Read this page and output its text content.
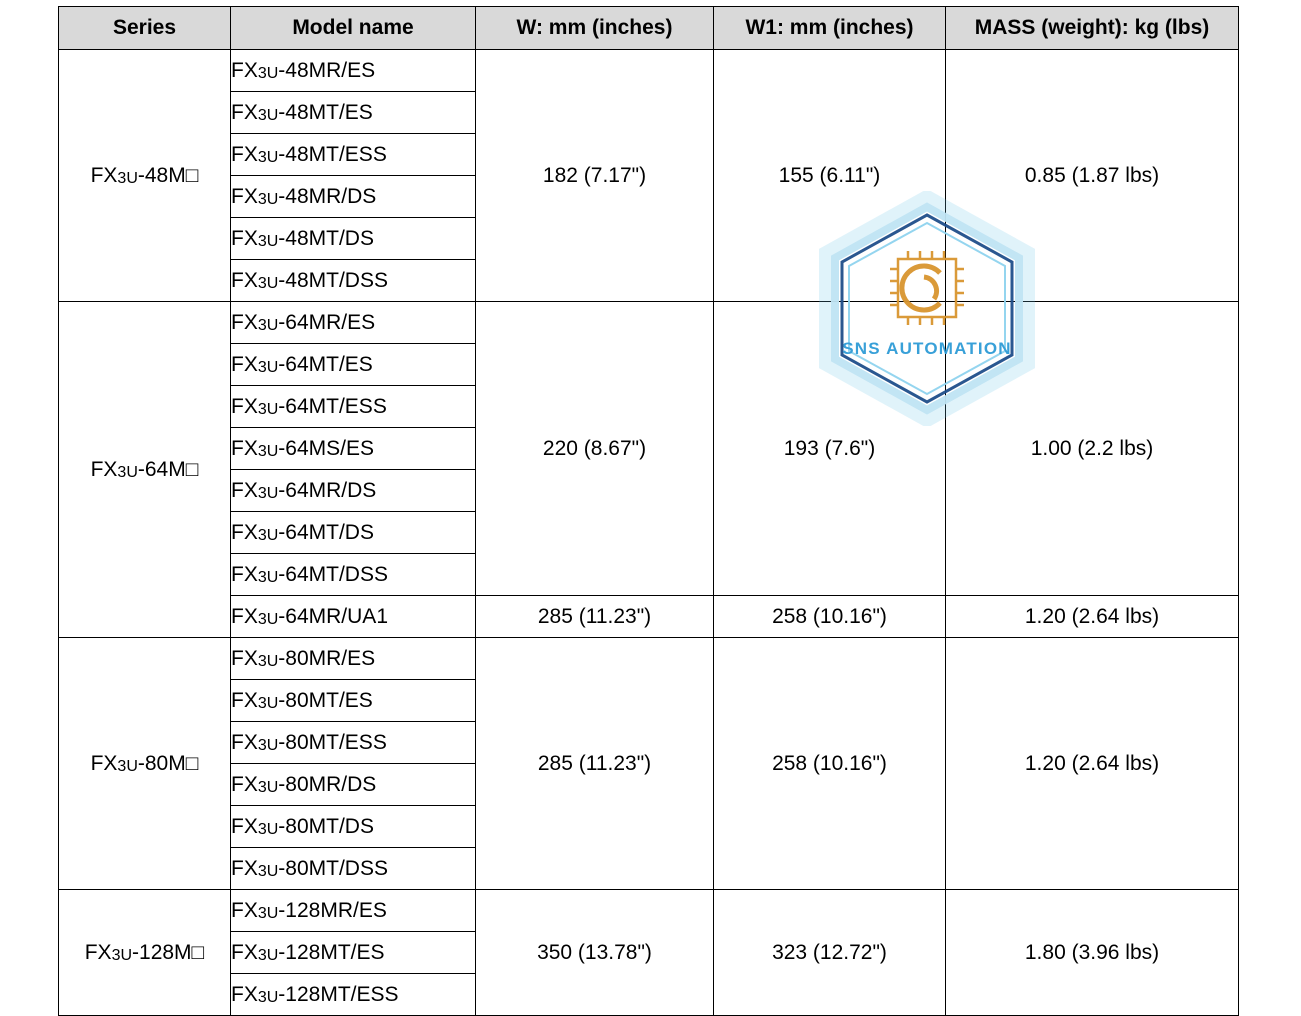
Series	Model name	W: mm (inches)	W1: mm (inches)	MASS (weight): kg (lbs)
FX3U-48M□	FX3U-48MR/ES	182 (7.17")	155 (6.11")	0.85 (1.87 lbs)
	FX3U-48MT/ES			
	FX3U-48MT/ESS			
	FX3U-48MR/DS			
	FX3U-48MT/DS			
	FX3U-48MT/DSS			
FX3U-64M□	FX3U-64MR/ES	220 (8.67")	193 (7.6")	1.00 (2.2 lbs)
	FX3U-64MT/ES			
	FX3U-64MT/ESS			
	FX3U-64MS/ES			
	FX3U-64MR/DS			
	FX3U-64MT/DS			
	FX3U-64MT/DSS			
	FX3U-64MR/UA1	285 (11.23")	258 (10.16")	1.20 (2.64 lbs)
FX3U-80M□	FX3U-80MR/ES	285 (11.23")	258 (10.16")	1.20 (2.64 lbs)
	FX3U-80MT/ES			
	FX3U-80MT/ESS			
	FX3U-80MR/DS			
	FX3U-80MT/DS			
	FX3U-80MT/DSS			
FX3U-128M□	FX3U-128MR/ES	350 (13.78")	323 (12.72")	1.80 (3.96 lbs)
	FX3U-128MT/ES			
	FX3U-128MT/ESS			
SNS AUTOMATION
